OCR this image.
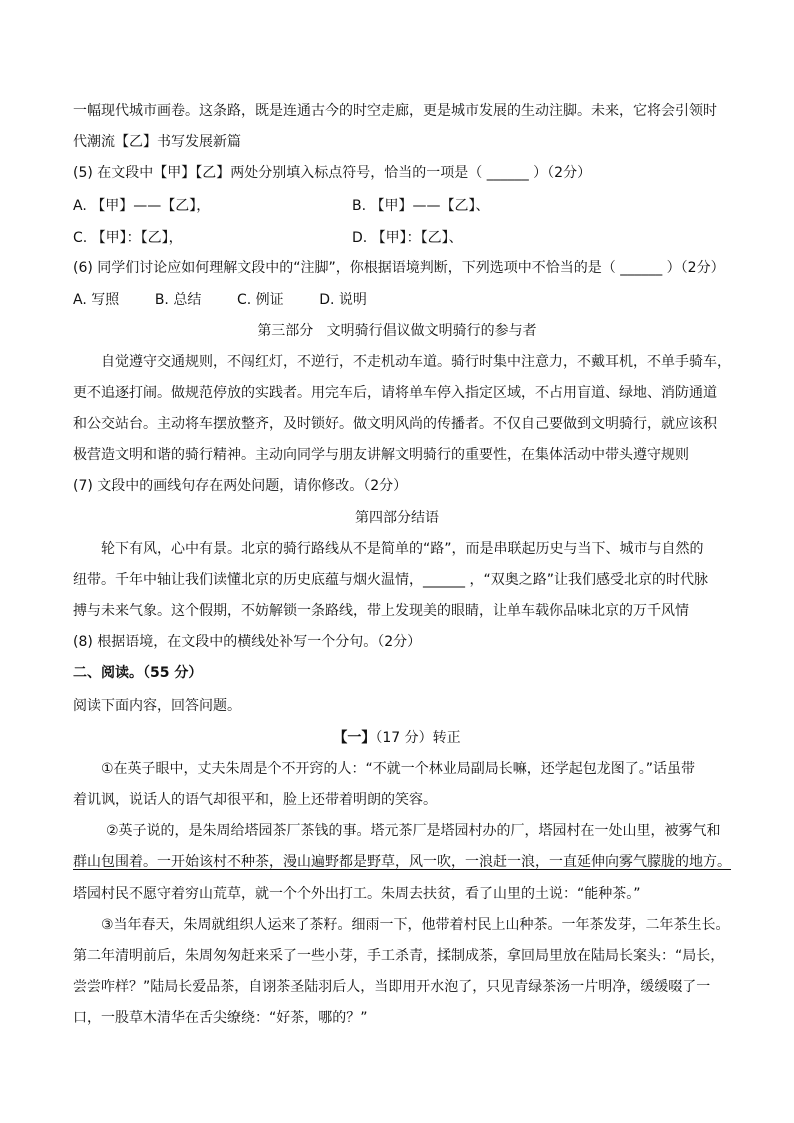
一幅现代城市画卷。这条路，既是连通古今的时空走廊，更是城市发展的生动注脚。未来，它将会引领时
代潮流【乙】书写发展新篇
(5) 在文段中【甲】【乙】两处分别填入标点符号，恰当的一项是（ ______ ）（2分）
A. 【甲】——【乙】，	B. 【甲】——【乙】、
C. 【甲】：【乙】，	D. 【甲】：【乙】、
(6) 同学们讨论应如何理解文段中的“注脚”，你根据语境判断，下列选项中不恰当的是（ ______ ）（2分）
A. 写照        B. 总结        C. 例证        D. 说明
第三部分   文明骑行倡议做文明骑行的参与者
自觉遵守交通规则，不闯红灯，不逆行，不走机动车道。骑行时集中注意力，不戴耳机，不单手骑车，
更不追逐打闹。做规范停放的实践者。用完车后，请将单车停入指定区域，不占用盲道、绿地、消防通道
和公交站台。主动将车摆放整齐，及时锁好。做文明风尚的传播者。不仅自己要做到文明骑行，就应该积
极营造文明和谐的骑行精神。主动向同学与朋友讲解文明骑行的重要性，在集体活动中带头遵守规则
(7) 文段中的画线句存在两处问题，请你修改。（2分）
第四部分结语
轮下有风，心中有景。北京的骑行路线从不是简单的“路”，而是串联起历史与当下、城市与自然的
纽带。千年中轴让我们读懂北京的历史底蕴与烟火温情，______ ，“双奥之路”让我们感受北京的时代脉
搏与未来气象。这个假期，不妨解锁一条路线，带上发现美的眼睛，让单车载你品味北京的万千风情
(8) 根据语境，在文段中的横线处补写一个分句。（2分）
二、阅读。（55 分）
阅读下面内容，回答问题。
【一】（17 分）转正
①在英子眼中，丈夫朱周是个不开窍的人：“不就一个林业局副局长嘛，还学起包龙图了。”话虽带
着讥讽，说话人的语气却很平和，脸上还带着明朗的笑容。
②英子说的，是朱周给塔园茶厂茶钱的事。塔元茶厂是塔园村办的厂，塔园村在一处山里，被雾气和
群山包围着。一开始该村不种茶，漫山遍野都是野草，风一吹，一浪赶一浪，一直延伸向雾气朦胧的地方。
塔园村民不愿守着穷山荒草，就一个个外出打工。朱周去扶贫，看了山里的土说：“能种茶。”
③当年春天，朱周就组织人运来了茶籽。细雨一下，他带着村民上山种茶。一年茶发芽，二年茶生长。
第二年清明前后，朱周匆匆赶来采了一些小芽，手工杀青，揉制成茶，拿回局里放在陆局长案头：“局长，
尝尝咋样？”陆局长爱品茶，自诩茶圣陆羽后人，当即用开水泡了，只见青绿茶汤一片明净，缓缓啜了一
口，一股草木清华在舌尖缭绕：“好茶，哪的？”
